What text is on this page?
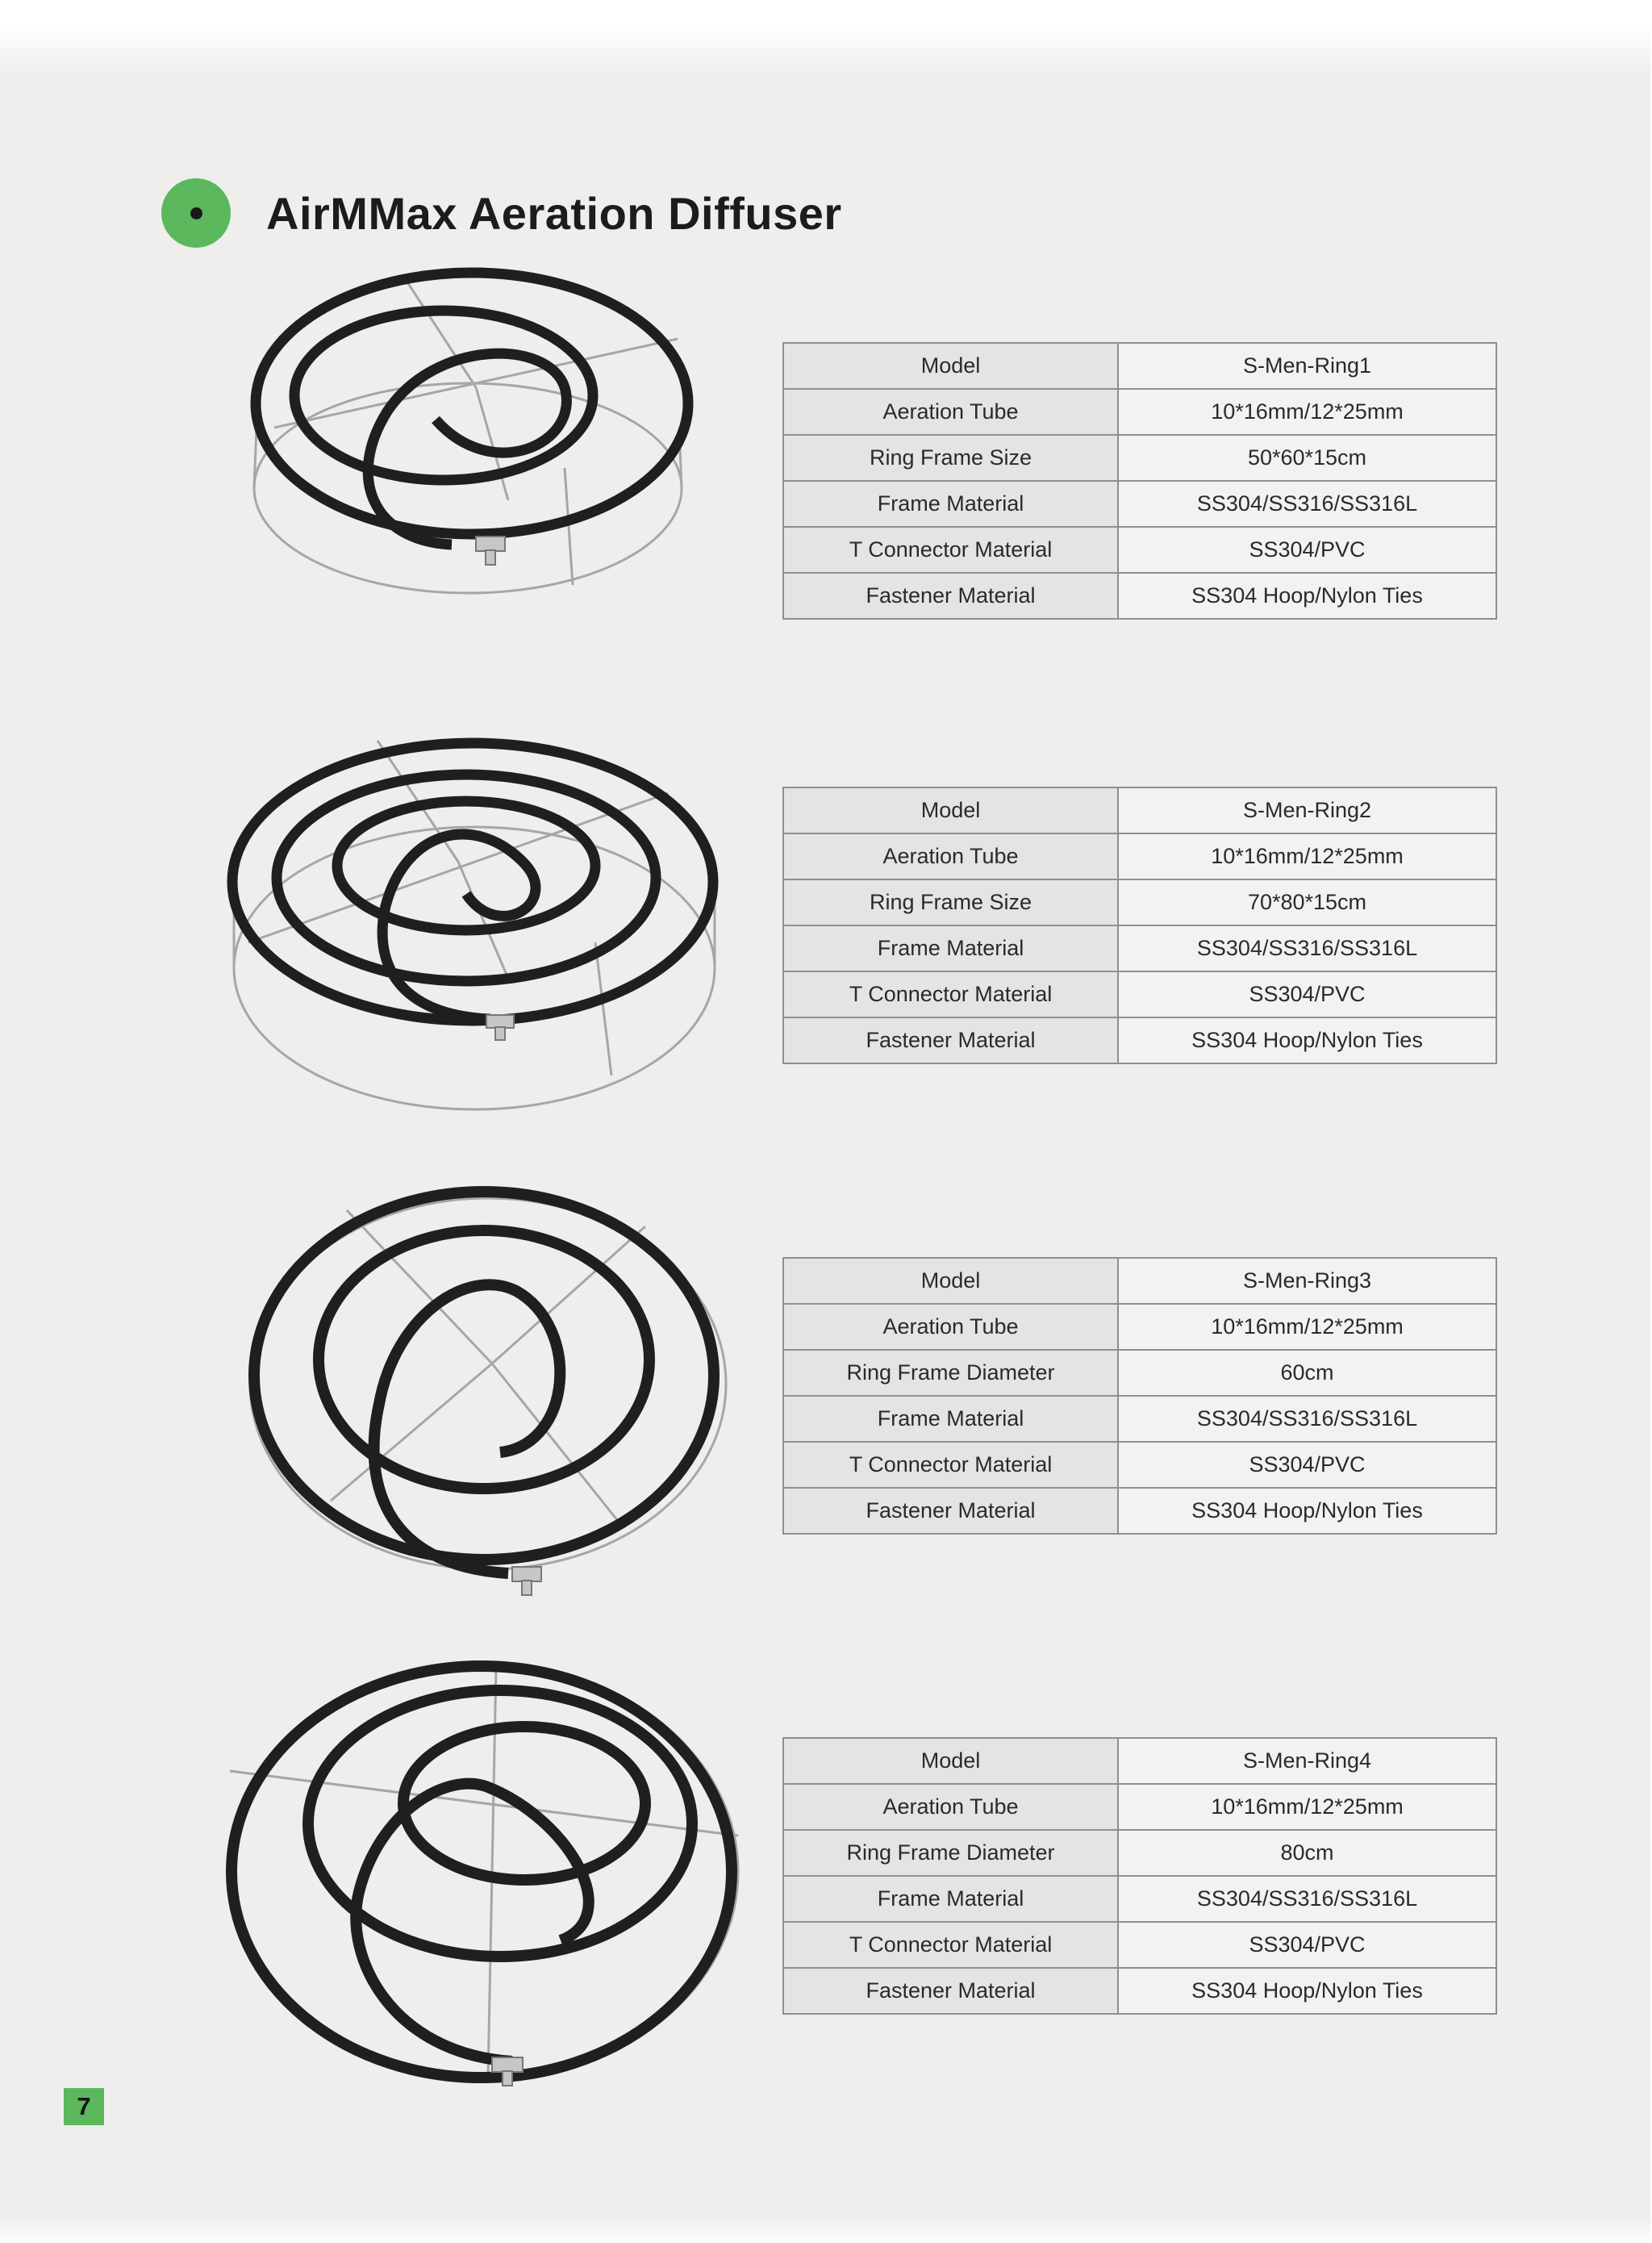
AirMMax Aeration Diffuser
Model	S-Men-Ring1
Aeration Tube	10*16mm/12*25mm
Ring Frame Size	50*60*15cm
Frame Material	SS304/SS316/SS316L
T Connector Material	SS304/PVC
Fastener Material	SS304 Hoop/Nylon Ties
Model	S-Men-Ring2
Aeration Tube	10*16mm/12*25mm
Ring Frame Size	70*80*15cm
Frame Material	SS304/SS316/SS316L
T Connector Material	SS304/PVC
Fastener Material	SS304 Hoop/Nylon Ties
Model	S-Men-Ring3
Aeration Tube	10*16mm/12*25mm
Ring Frame Diameter	60cm
Frame Material	SS304/SS316/SS316L
T Connector Material	SS304/PVC
Fastener Material	SS304 Hoop/Nylon Ties
Model	S-Men-Ring4
Aeration Tube	10*16mm/12*25mm
Ring Frame Diameter	80cm
Frame Material	SS304/SS316/SS316L
T Connector Material	SS304/PVC
Fastener Material	SS304 Hoop/Nylon Ties
7
